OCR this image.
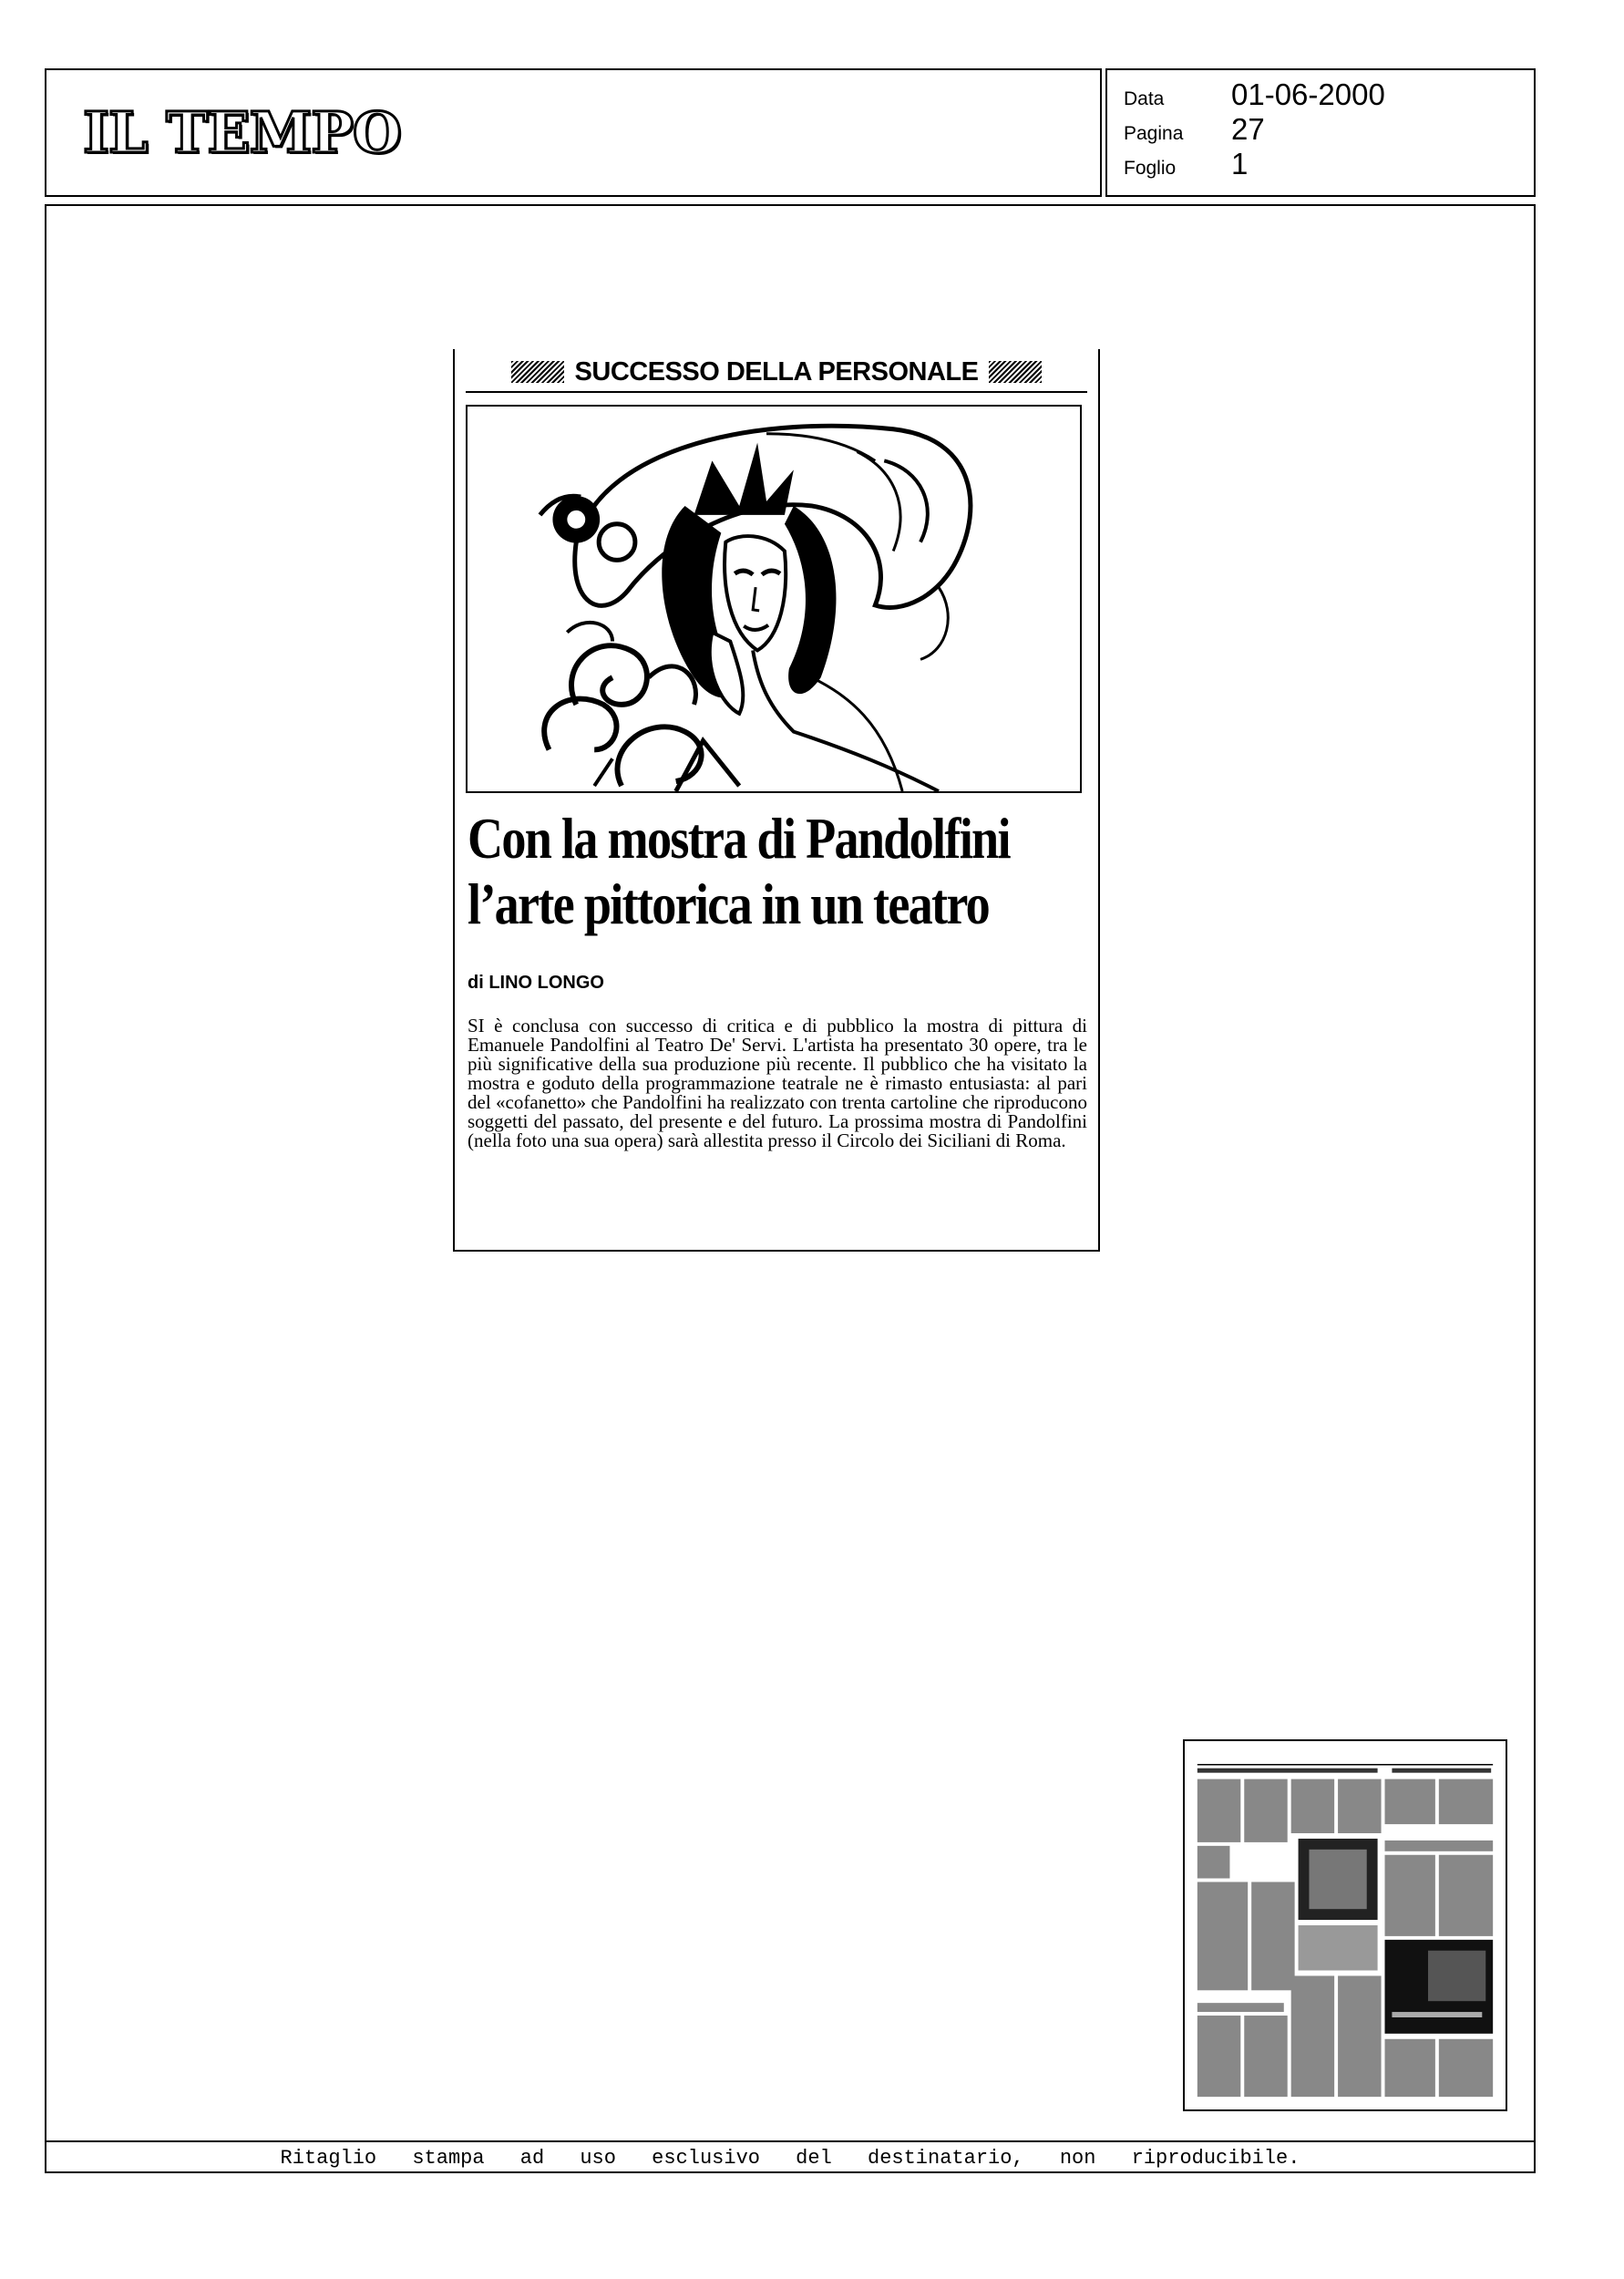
IL TEMPO
Data	01-06-2000
Pagina	27
Foglio	1
SUCCESSO DELLA PERSONALE
Con la mostra di Pandolfini
l’arte pittorica in un teatro
di LINO LONGO
SI è conclusa con successo di critica e di pubblico la mostra di pittura di Emanuele Pandolfini al Teatro De' Servi. L'artista ha presentato 30 opere, tra le più significative della sua produzione più recente. Il pubblico che ha visitato la mostra e goduto della programmazione teatrale ne è rimasto entusiasta: al pari del «cofanetto» che Pandolfini ha realizzato con trenta cartoline che riproducono soggetti del passato, del presente e del futuro. La prossima mostra di Pandolfini (nella foto una sua opera) sarà allestita presso il Circolo dei Siciliani di Roma.
Ritaglio stampa ad uso esclusivo del destinatario, non riproducibile.
